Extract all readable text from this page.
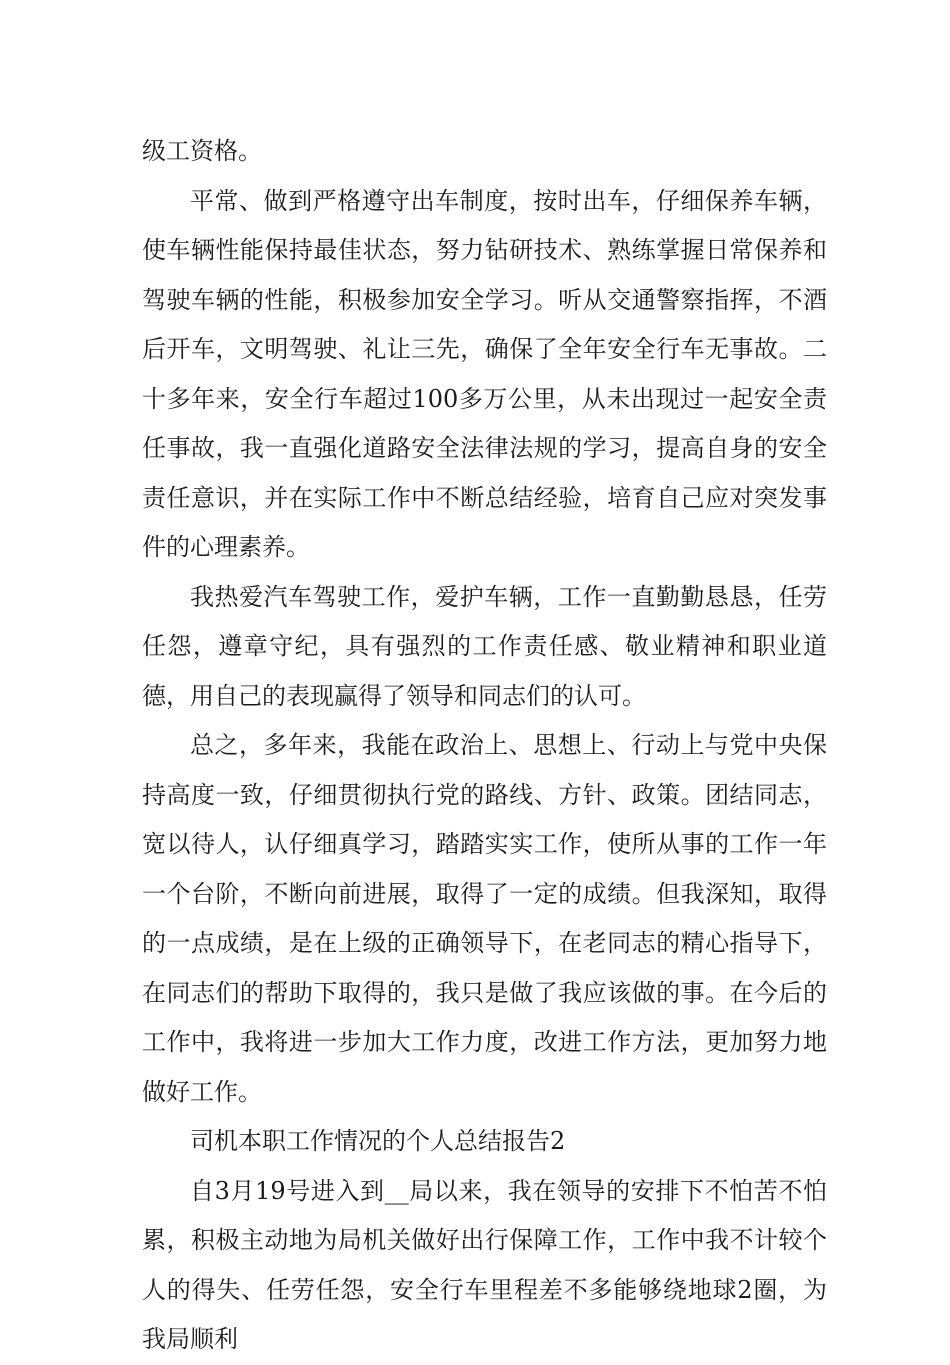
级工资格。

平常、做到严格遵守出车制度，按时出车，仔细保养车辆，使车辆性能保持最佳状态，努力钻研技术、熟练掌握日常保养和驾驶车辆的性能，积极参加安全学习。听从交通警察指挥，不酒后开车，文明驾驶、礼让三先，确保了全年安全行车无事故。二十多年来，安全行车超过100多万公里，从未出现过一起安全责任事故，我一直强化道路安全法律法规的学习，提高自身的安全责任意识，并在实际工作中不断总结经验，培育自己应对突发事件的心理素养。

我热爱汽车驾驶工作，爱护车辆，工作一直勤勤恳恳，任劳任怨，遵章守纪，具有强烈的工作责任感、敬业精神和职业道德，用自己的表现赢得了领导和同志们的认可。

总之，多年来，我能在政治上、思想上、行动上与党中央保持高度一致，仔细贯彻执行党的路线、方针、政策。团结同志，宽以待人，认仔细真学习，踏踏实实工作，使所从事的工作一年一个台阶，不断向前进展，取得了一定的成绩。但我深知，取得的一点成绩，是在上级的正确领导下，在老同志的精心指导下，在同志们的帮助下取得的，我只是做了我应该做的事。在今后的工作中，我将进一步加大工作力度，改进工作方法，更加努力地做好工作。

司机本职工作情况的个人总结报告2

自3月19号进入到__局以来，我在领导的安排下不怕苦不怕累，积极主动地为局机关做好出行保障工作，工作中我不计较个人的得失、任劳任怨，安全行车里程差不多能够绕地球2圈，为我局顺利
